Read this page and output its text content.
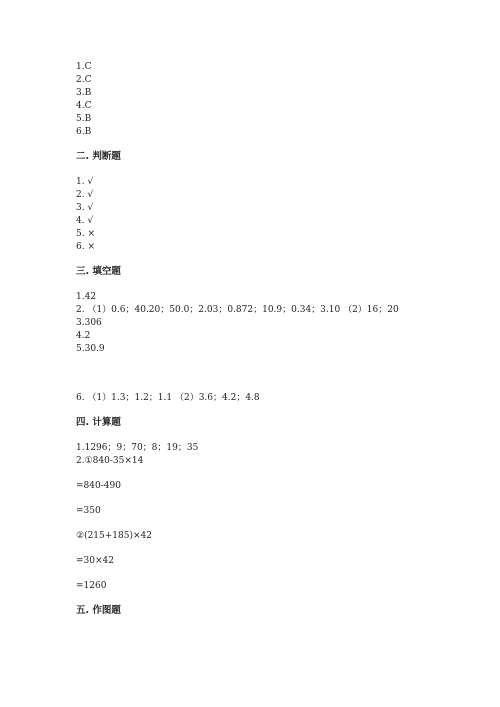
1.C
2.C
3.B
4.C
5.B
6.B
二. 判断题
1. √
2. √
3. √
4. √
5. ×
6. ×
三. 填空题
1.42
2. （1）0.6；40.20；50.0；2.03；0.872；10.9；0.34；3.10 （2）16；20
3.306
4.2
5.30.9
6. （1）1.3；1.2；1.1 （2）3.6；4.2；4.8
四. 计算题
1.1296；9；70；8；19；35
2.①840-35×14
=840-490
=350
②(215+185)×42
=30×42
=1260
五. 作图题
